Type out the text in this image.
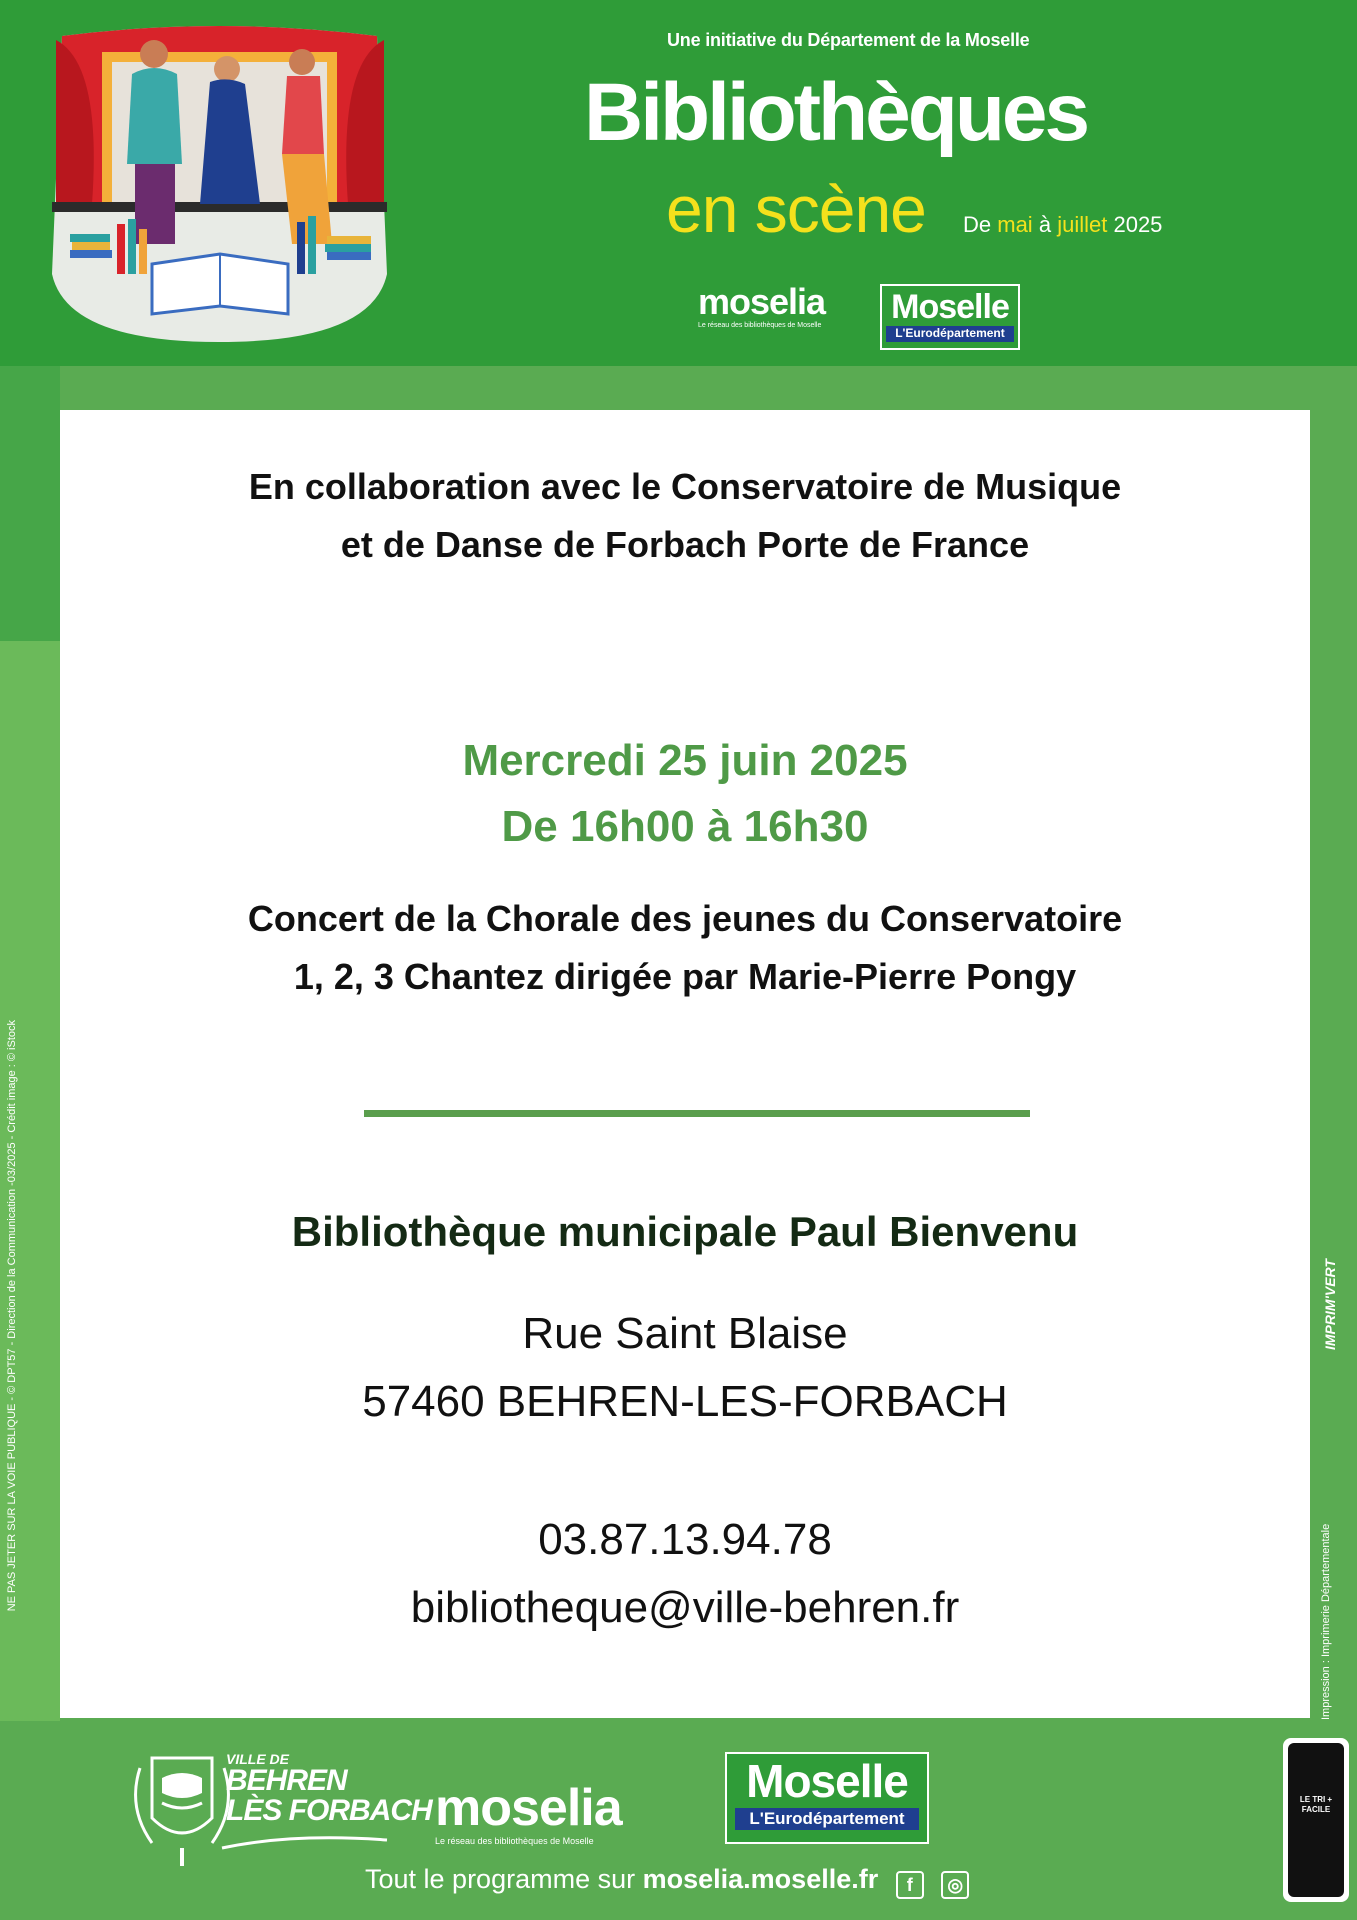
Une initiative du Département de la Moselle
Bibliothèques
en scène De mai à juillet 2025
moselia
Le réseau des bibliothèques de Moselle Moselle
L'Eurodépartement
En collaboration avec le Conservatoire de Musique
et de Danse de Forbach Porte de France
Mercredi 25 juin 2025
De 16h00 à 16h30
Concert de la Chorale des jeunes du Conservatoire
1, 2, 3 Chantez dirigée par Marie-Pierre Pongy
Bibliothèque municipale Paul Bienvenu
Rue Saint Blaise
57460 BEHREN-LES-FORBACH
03.87.13.94.78
bibliotheque@ville-behren.fr
NE PAS JETER SUR LA VOIE PUBLIQUE - © DPT57 - Direction de la Communication -03/2025 - Crédit image : © iStock
Impression : Imprimerie Départementale
IMPRIM'VERT
VILLE DE
BEHREN
LÈS FORBACH moselia
Le réseau des bibliothèques de Moselle
Moselle
L'Eurodépartement
Tout le programme sur moselia.moselle.fr f ◎
LE TRI + FACILE
